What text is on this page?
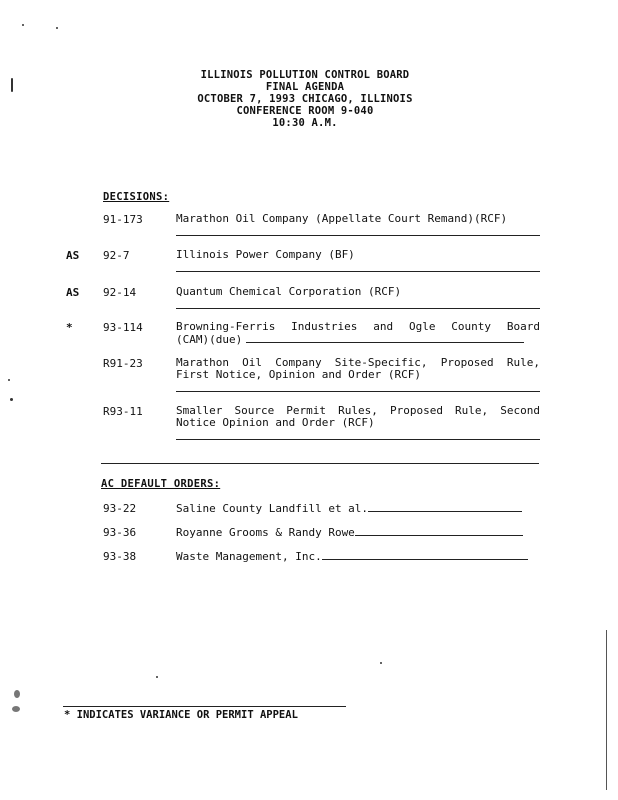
ILLINOIS POLLUTION CONTROL BOARD
FINAL AGENDA
OCTOBER 7, 1993 CHICAGO, ILLINOIS
CONFERENCE ROOM 9-040
10:30 A.M.
DECISIONS:
91-173	Marathon Oil Company (Appellate Court Remand)(RCF)
AS 92-7	Illinois Power Company (BF)
AS 92-14	Quantum Chemical Corporation (RCF)
*	93-114	Browning-Ferris Industries and Ogle County Board
(CAM)(due)
R91-23	Marathon Oil Company Site-Specific, Proposed Rule,
First Notice, Opinion and Order (RCF)
R93-11	Smaller Source Permit Rules, Proposed Rule, Second
Notice Opinion and Order (RCF)
AC DEFAULT ORDERS:
93-22	Saline County Landfill et al.
93-36	Royanne Grooms & Randy Rowe
93-38	Waste Management, Inc.
* INDICATES VARIANCE OR PERMIT APPEAL
